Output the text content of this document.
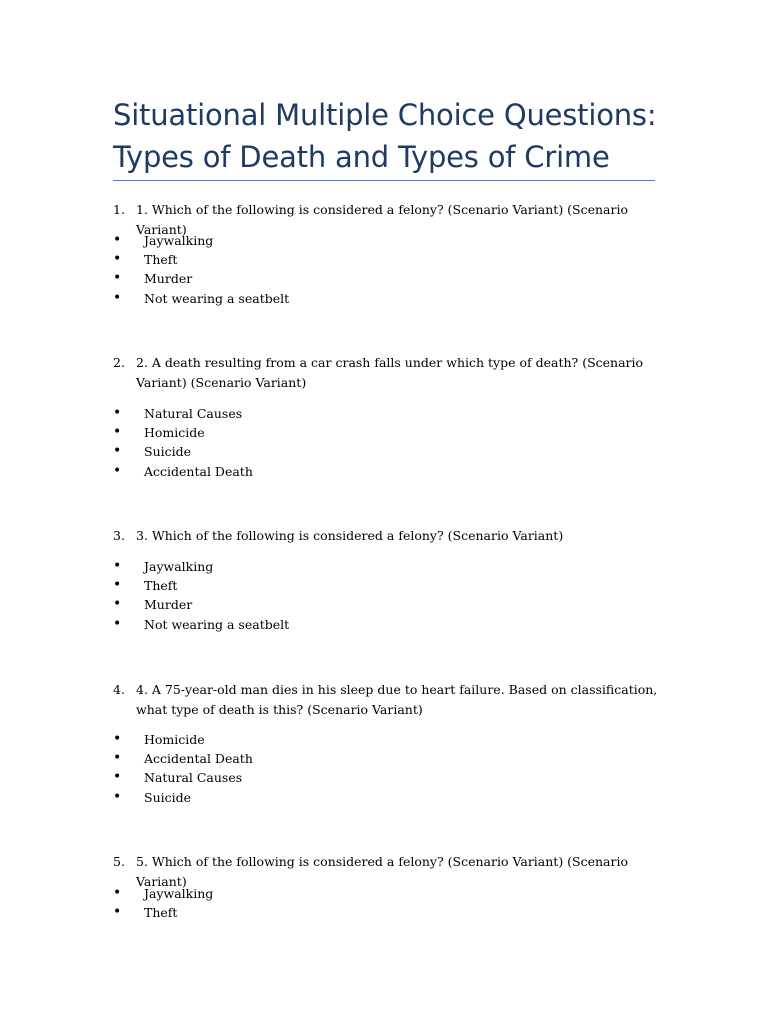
Situational Multiple Choice Questions: Types of Death and Types of Crime
1. 1. Which of the following is considered a felony? (Scenario Variant) (Scenario Variant)
• Jaywalking
• Theft
• Murder
• Not wearing a seatbelt
2. 2. A death resulting from a car crash falls under which type of death? (Scenario Variant) (Scenario Variant)
• Natural Causes
• Homicide
• Suicide
• Accidental Death
3. 3. Which of the following is considered a felony? (Scenario Variant)
• Jaywalking
• Theft
• Murder
• Not wearing a seatbelt
4. 4. A 75-year-old man dies in his sleep due to heart failure. Based on classification, what type of death is this? (Scenario Variant)
• Homicide
• Accidental Death
• Natural Causes
• Suicide
5. 5. Which of the following is considered a felony? (Scenario Variant) (Scenario Variant)
• Jaywalking
• Theft
